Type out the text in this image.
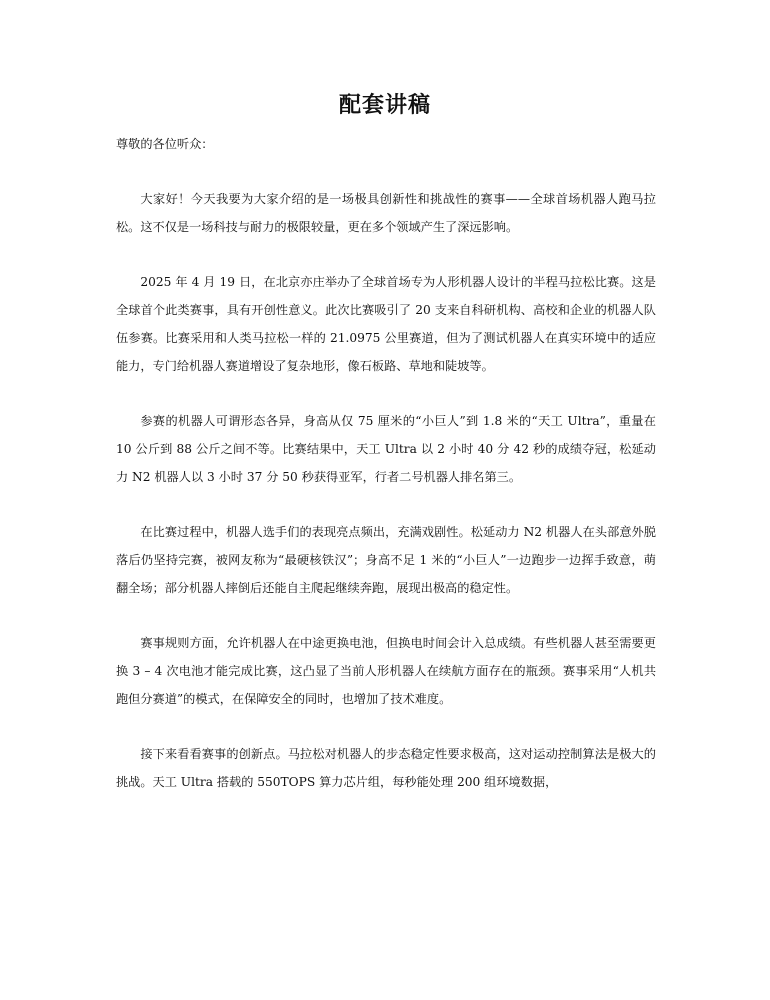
配套讲稿

尊敬的各位听众：

大家好！今天我要为大家介绍的是一场极具创新性和挑战性的赛事——全球首场机器人跑马拉松。这不仅是一场科技与耐力的极限较量，更在多个领域产生了深远影响。

2025 年 4 月 19 日，在北京亦庄举办了全球首场专为人形机器人设计的半程马拉松比赛。这是全球首个此类赛事，具有开创性意义。此次比赛吸引了 20 支来自科研机构、高校和企业的机器人队伍参赛。比赛采用和人类马拉松一样的 21.0975 公里赛道，但为了测试机器人在真实环境中的适应能力，专门给机器人赛道增设了复杂地形，像石板路、草地和陡坡等。

参赛的机器人可谓形态各异，身高从仅 75 厘米的“小巨人”到 1.8 米的“天工 Ultra”，重量在 10 公斤到 88 公斤之间不等。比赛结果中，天工 Ultra 以 2 小时 40 分 42 秒的成绩夺冠，松延动力 N2 机器人以 3 小时 37 分 50 秒获得亚军，行者二号机器人排名第三。

在比赛过程中，机器人选手们的表现亮点频出，充满戏剧性。松延动力 N2 机器人在头部意外脱落后仍坚持完赛，被网友称为“最硬核铁汉”；身高不足 1 米的“小巨人”一边跑步一边挥手致意，萌翻全场；部分机器人摔倒后还能自主爬起继续奔跑，展现出极高的稳定性。

赛事规则方面，允许机器人在中途更换电池，但换电时间会计入总成绩。有些机器人甚至需要更换 3 – 4 次电池才能完成比赛，这凸显了当前人形机器人在续航方面存在的瓶颈。赛事采用“人机共跑但分赛道”的模式，在保障安全的同时，也增加了技术难度。

接下来看看赛事的创新点。马拉松对机器人的步态稳定性要求极高，这对运动控制算法是极大的挑战。天工 Ultra 搭载的 550TOPS 算力芯片组，每秒能处理 200 组环境数据，
